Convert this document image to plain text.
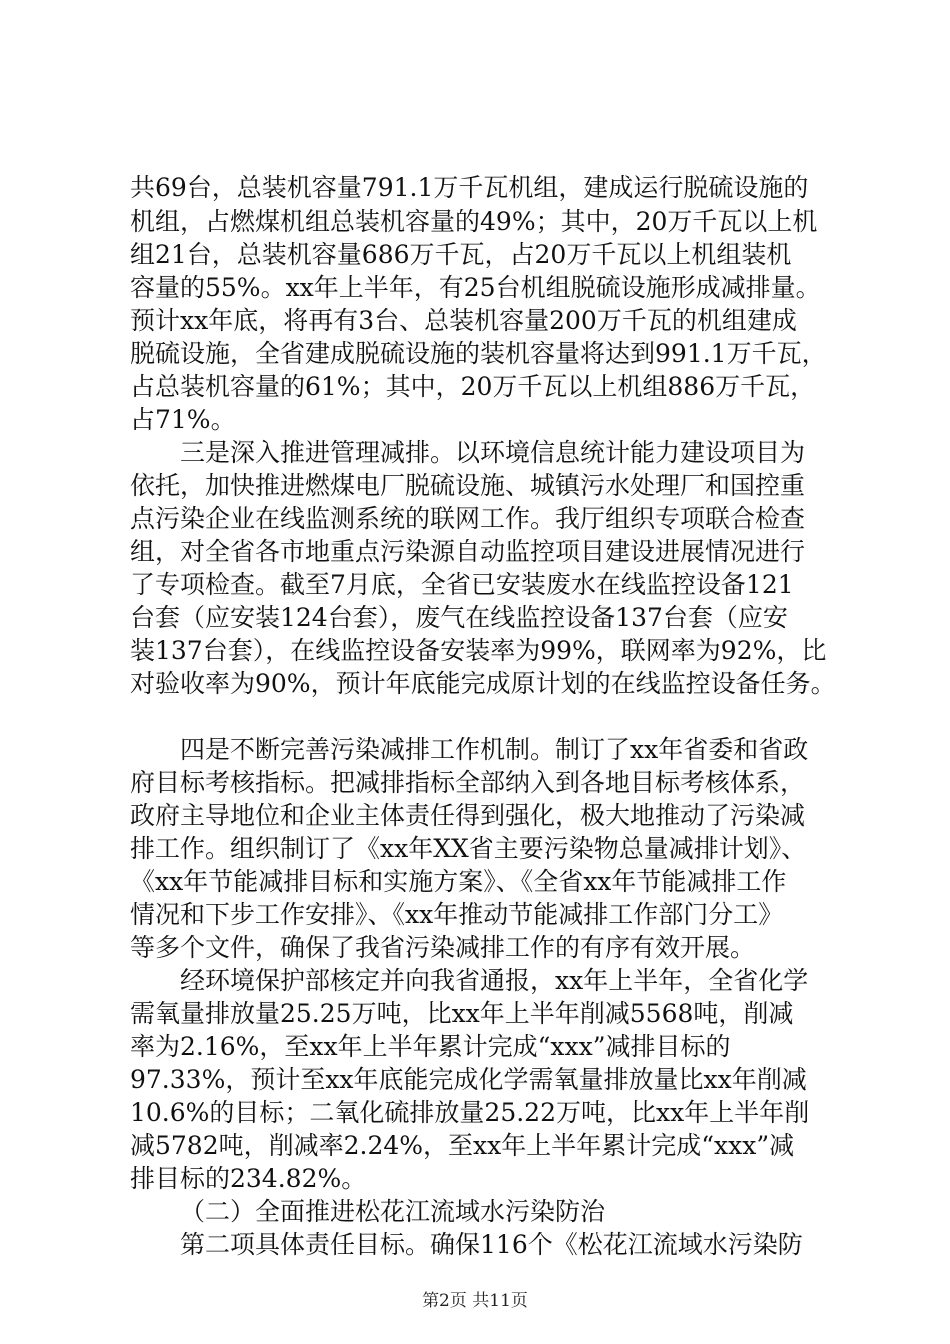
共69台，总装机容量791.1万千瓦机组，建成运行脱硫设施的
机组，占燃煤机组总装机容量的49%；其中，20万千瓦以上机
组21台，总装机容量686万千瓦，占20万千瓦以上机组装机
容量的55%。xx年上半年，有25台机组脱硫设施形成减排量。
预计xx年底，将再有3台、总装机容量200万千瓦的机组建成
脱硫设施，全省建成脱硫设施的装机容量将达到991.1万千瓦，
占总装机容量的61%；其中，20万千瓦以上机组886万千瓦，
占71%。
三是深入推进管理减排。以环境信息统计能力建设项目为
依托，加快推进燃煤电厂脱硫设施、城镇污水处理厂和国控重
点污染企业在线监测系统的联网工作。我厅组织专项联合检查
组，对全省各市地重点污染源自动监控项目建设进展情况进行
了专项检查。截至7月底，全省已安装废水在线监控设备121
台套（应安装124台套），废气在线监控设备137台套（应安
装137台套），在线监控设备安装率为99%，联网率为92%，比
对验收率为90%，预计年底能完成原计划的在线监控设备任务。
四是不断完善污染减排工作机制。制订了xx年省委和省政
府目标考核指标。把减排指标全部纳入到各地目标考核体系，
政府主导地位和企业主体责任得到强化，极大地推动了污染减
排工作。组织制订了《xx年XX省主要污染物总量减排计划》、
《xx年节能减排目标和实施方案》、《全省xx年节能减排工作
情况和下步工作安排》、《xx年推动节能减排工作部门分工》
等多个文件，确保了我省污染减排工作的有序有效开展。
经环境保护部核定并向我省通报，xx年上半年，全省化学
需氧量排放量25.25万吨，比xx年上半年削减5568吨，削减
率为2.16%，至xx年上半年累计完成“xxx”减排目标的
97.33%，预计至xx年底能完成化学需氧量排放量比xx年削减
10.6%的目标；二氧化硫排放量25.22万吨，比xx年上半年削
减5782吨，削减率2.24%，至xx年上半年累计完成“xxx”减
排目标的234.82%。
（二）全面推进松花江流域水污染防治
第二项具体责任目标。确保116个《松花江流域水污染防
第2页 共11页
